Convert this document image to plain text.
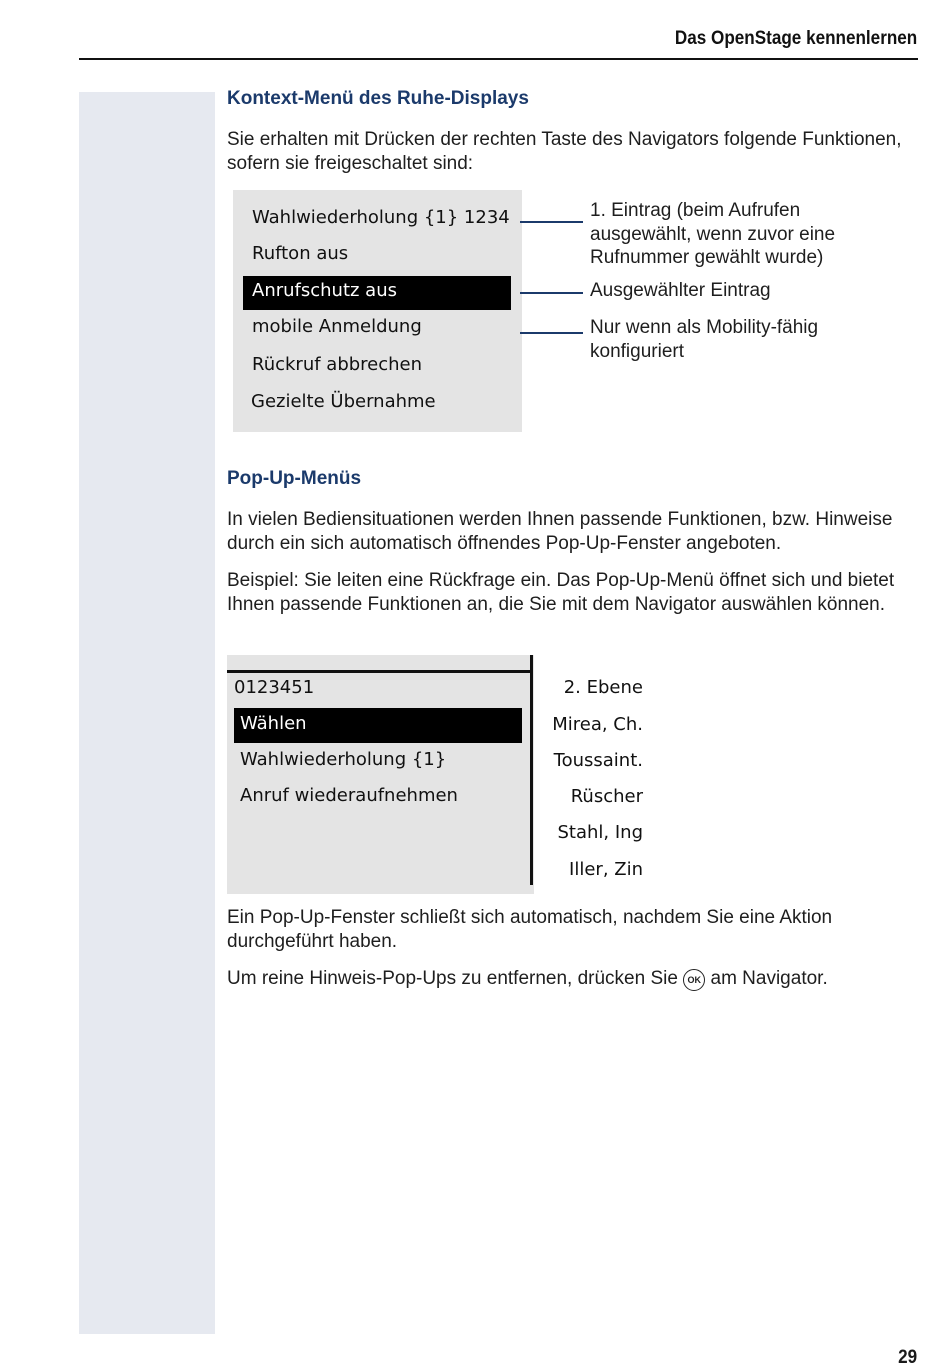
Das OpenStage kennenlernen
Kontext-Menü des Ruhe-Displays

Sie erhalten mit Drücken der rechten Taste des Navigators folgende Funktionen, sofern sie freigeschaltet sind:

Wahlwiederholung {1} 1234
Rufton aus
Anrufschutz aus
mobile Anmeldung
Rückruf abbrechen
Gezielte Übernahme
1. Eintrag (beim Aufrufen ausgewählt, wenn zuvor eine Rufnummer gewählt wurde)
Ausgewählter Eintrag
Nur wenn als Mobility-fähig konfiguriert
Pop-Up-Menüs

In vielen Bediensituationen werden Ihnen passende Funktionen, bzw. Hinweise durch ein sich automatisch öffnendes Pop-Up-Fenster angeboten.

Beispiel: Sie leiten eine Rückfrage ein. Das Pop-Up-Menü öffnet sich und bietet Ihnen passende Funktionen an, die Sie mit dem Navigator auswählen können.

0123451
Wählen
Wahlwiederholung {1}
Anruf wiederaufnehmen
2. Ebene
Mirea, Ch.
Toussaint.
Rüscher
Stahl, Ing
Iller, Zin

Ein Pop-Up-Fenster schließt sich automatisch, nachdem Sie eine Aktion durchgeführt haben.

Um reine Hinweis-Pop-Ups zu entfernen, drücken Sie OK am Navigator.

29
